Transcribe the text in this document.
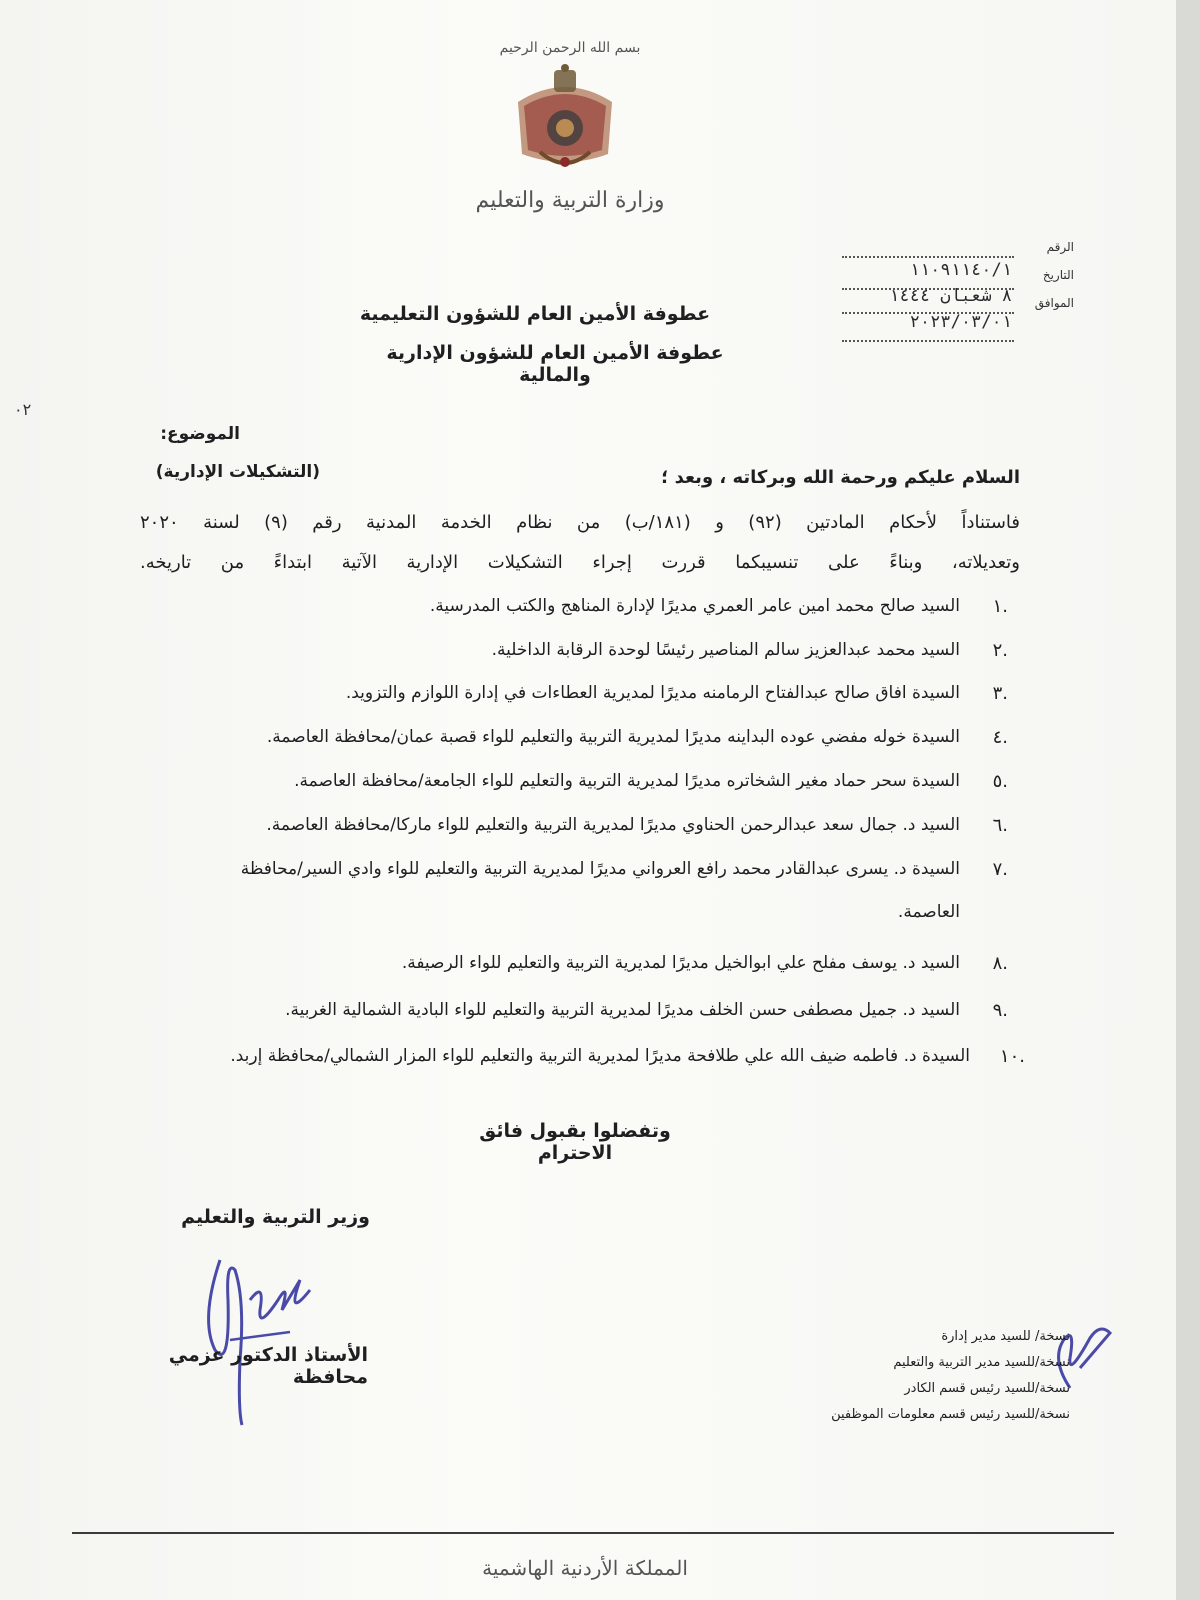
بسم الله الرحمن الرحيم
وزارة التربية والتعليم
الرقم
التاريخ
١١٠٩١١٤٠/١
الموافق
٨ شعبان ١٤٤٤
٢٠٢٣/٠٣/٠١
عطوفة الأمين العام للشؤون التعليمية
عطوفة الأمين العام للشؤون الإدارية والمالية
٠٢
الموضوع:
(التشكيلات الإدارية)	السلام عليكم ورحمة الله وبركاته ، وبعد ؛
فاستناداً لأحكام المادتين (٩٢) و (١٨١/ب) من نظام الخدمة المدنية رقم (٩) لسنة ٢٠٢٠
وتعديلاته، وبناءً على تنسيبكما قررت إجراء التشكيلات الإدارية الآتية ابتداءً من تاريخه.
١.
السيد صالح محمد امين عامر العمري مديرًا لإدارة المناهج والكتب المدرسية.
٢.
السيد محمد عبدالعزيز سالم المناصير رئيسًا لوحدة الرقابة الداخلية.
٣.
السيدة افاق صالح عبدالفتاح الرمامنه مديرًا لمديرية العطاءات في إدارة اللوازم والتزويد.
٤.
السيدة خوله مفضي عوده البداينه مديرًا لمديرية التربية والتعليم للواء قصبة عمان/محافظة العاصمة.
٥.
السيدة سحر حماد مغير الشخاتره مديرًا لمديرية التربية والتعليم للواء الجامعة/محافظة العاصمة.
٦.
السيد د. جمال سعد عبدالرحمن الحناوي مديرًا لمديرية التربية والتعليم للواء ماركا/محافظة العاصمة.
٧.
السيدة د. يسرى عبدالقادر محمد رافع العرواني مديرًا لمديرية التربية والتعليم للواء وادي السير/محافظة
العاصمة.
٨.
السيد د. يوسف مفلح علي ابوالخيل مديرًا لمديرية التربية والتعليم للواء الرصيفة.
٩.
السيد د. جميل مصطفى حسن الخلف مديرًا لمديرية التربية والتعليم للواء البادية الشمالية الغربية.
١٠.
السيدة د. فاطمه ضيف الله علي طلافحة مديرًا لمديرية التربية والتعليم للواء المزار الشمالي/محافظة إربد.
وتفضلوا بقبول فائق الاحترام
وزير التربية والتعليم
الأستاذ الدكتور عزمي محافظة
نسخة/ للسيد مدير إدارة
نسخة/للسيد مدير التربية والتعليم
نسخة/للسيد رئيس قسم الكادر
نسخة/للسيد رئيس قسم معلومات الموظفين
المملكة الأردنية الهاشمية
